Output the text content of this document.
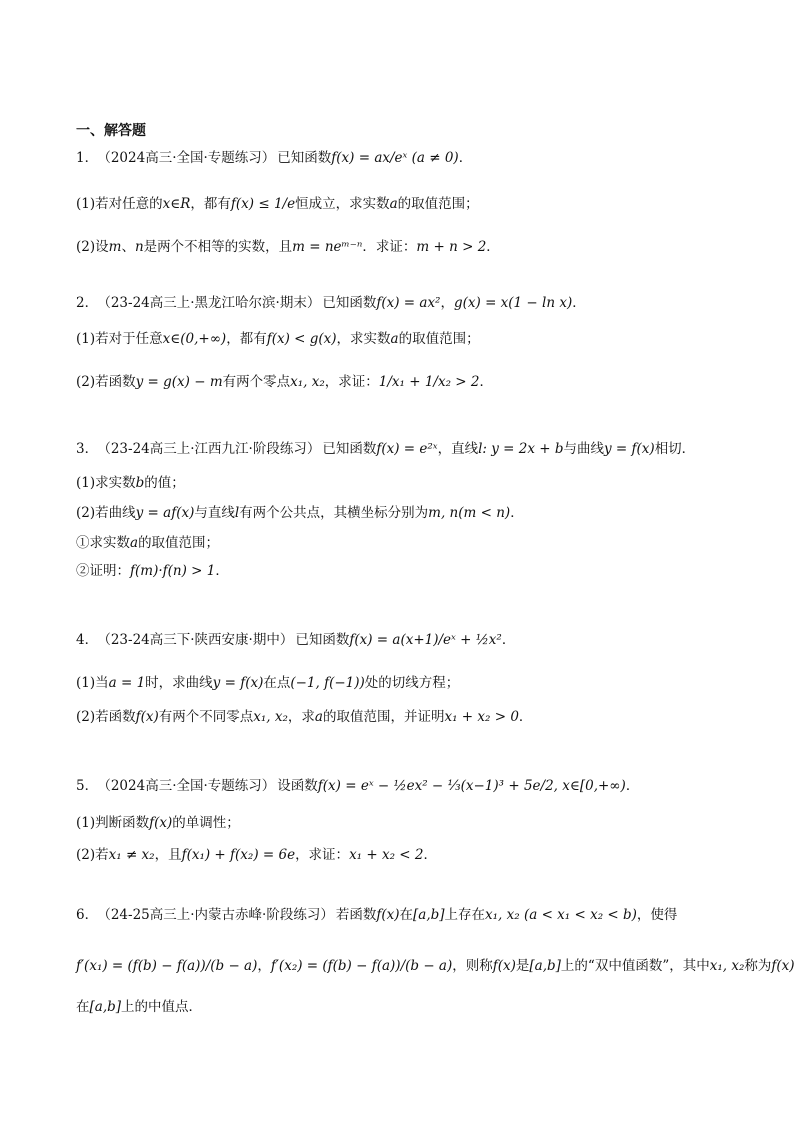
一、解答题
1． （2024高三·全国·专题练习） 已知函数f(x) = ax/eˣ (a ≠ 0)．
(1)若对任意的x∈R，都有f(x) ≤ 1/e恒成立，求实数a的取值范围；
(2)设m、n是两个不相等的实数，且m = neᵐ⁻ⁿ．求证：m + n > 2．
2． （23-24高三上·黑龙江哈尔滨·期末） 已知函数f(x) = ax²，g(x) = x(1 − ln x)．
(1)若对于任意x∈(0,+∞)，都有f(x) < g(x)，求实数a的取值范围；
(2)若函数y = g(x) − m有两个零点x₁, x₂，求证：1/x₁ + 1/x₂ > 2．
3． （23-24高三上·江西九江·阶段练习） 已知函数f(x) = e²ˣ，直线l: y = 2x + b与曲线y = f(x)相切．
(1)求实数b的值；
(2)若曲线y = af(x)与直线l有两个公共点，其横坐标分别为m, n(m < n)．
①求实数a的取值范围；
②证明：f(m)·f(n) > 1．
4． （23-24高三下·陕西安康·期中） 已知函数f(x) = a(x+1)/eˣ + ½x²．
(1)当a = 1时，求曲线y = f(x)在点(−1, f(−1))处的切线方程；
(2)若函数f(x)有两个不同零点x₁, x₂，求a的取值范围，并证明x₁ + x₂ > 0．
5． （2024高三·全国·专题练习） 设函数f(x) = eˣ − ½ex² − ⅓(x−1)³ + 5e/2, x∈[0,+∞)．
(1)判断函数f(x)的单调性；
(2)若x₁ ≠ x₂，且f(x₁) + f(x₂) = 6e，求证：x₁ + x₂ < 2．
6． （24-25高三上·内蒙古赤峰·阶段练习） 若函数f(x)在[a,b]上存在x₁, x₂ (a < x₁ < x₂ < b)，使得
f′(x₁) = (f(b) − f(a))/(b − a)，f′(x₂) = (f(b) − f(a))/(b − a)，则称f(x)是[a,b]上的“双中值函数”，其中x₁, x₂称为f(x)
在[a,b]上的中值点．
